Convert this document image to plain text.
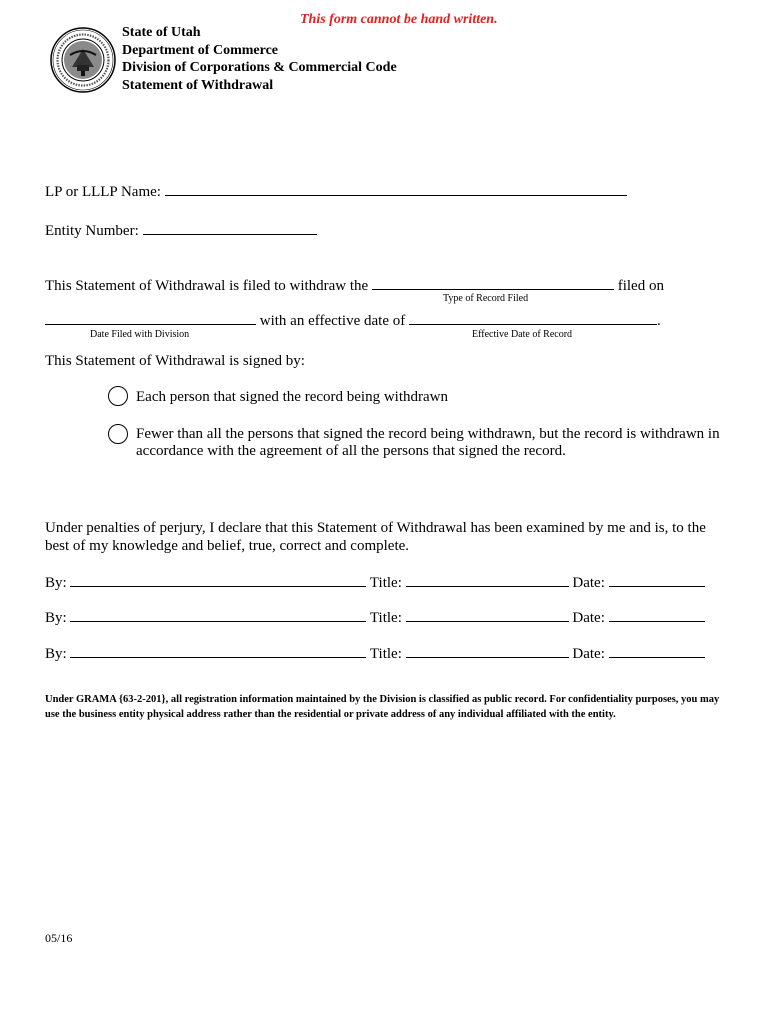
This form cannot be hand written.
State of Utah
Department of Commerce
Division of Corporations & Commercial Code
Statement of Withdrawal
LP or LLLP Name:
Entity Number:
This Statement of Withdrawal is filed to withdraw the	filed on
Type of Record Filed
with an effective date of	.
Date Filed with Division	Effective Date of Record
This Statement of Withdrawal is signed by:
Each person that signed the record being withdrawn
Fewer than all the persons that signed the record being withdrawn, but the record is withdrawn in
accordance with the agreement of all the persons that signed the record.
Under penalties of perjury, I declare that this Statement of Withdrawal has been examined by me and is, to the
best of my knowledge and belief, true, correct and complete.
By:	Title:	Date:
By:	Title:	Date:
By:	Title:	Date:
Under GRAMA {63-2-201}, all registration information maintained by the Division is classified as public record. For confidentiality purposes, you may use the business entity physical address rather than the residential or private address of any individual affiliated with the entity.
05/16
